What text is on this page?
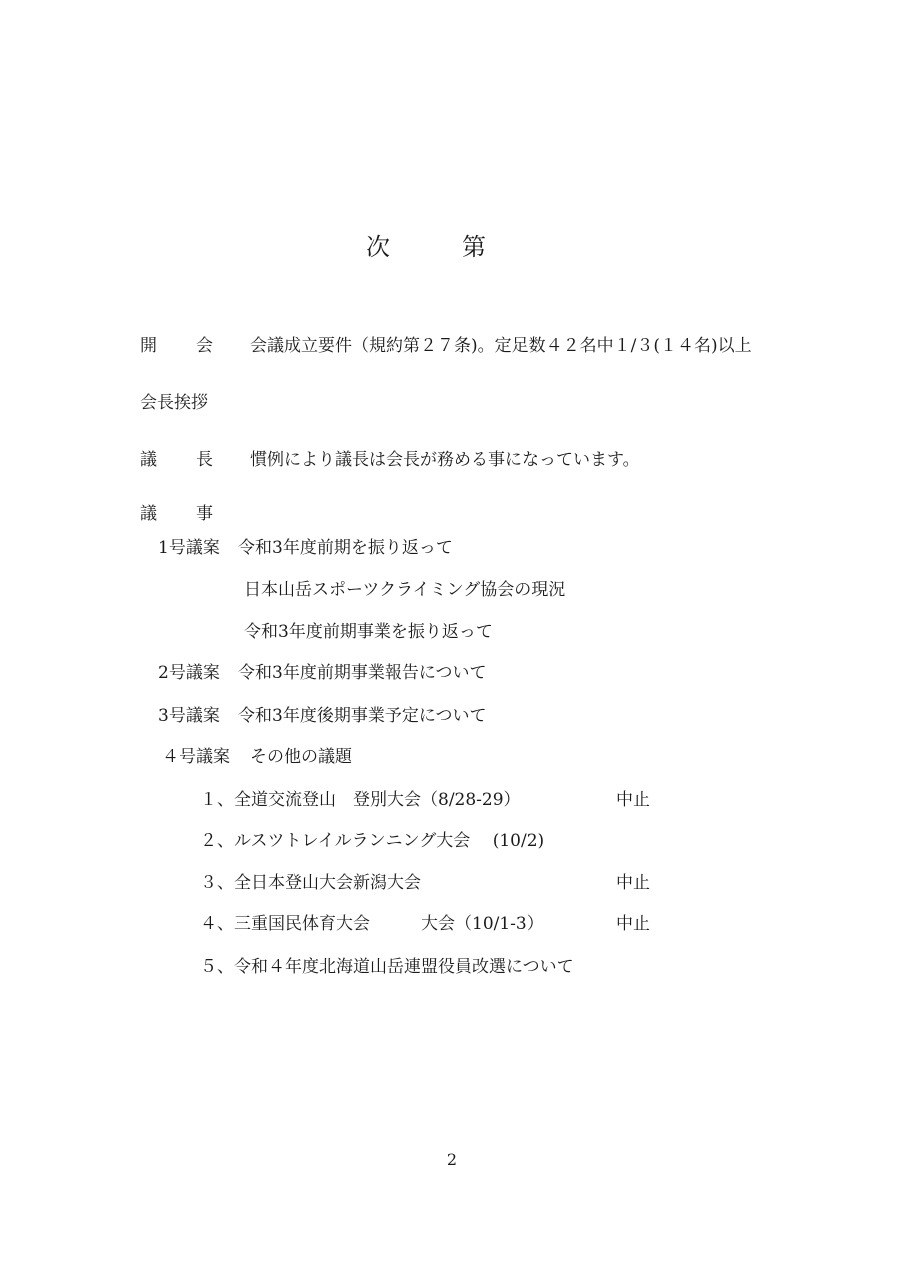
次	第
開 会 会議成立要件（規約第２７条)。定足数４２名中１/３(１４名)以上
会長挨拶
議 長 慣例により議長は会長が務める事になっています。
議 事
1号議案 令和3年度前期を振り返って
日本山岳スポーツクライミング協会の現況
令和3年度前期事業を振り返って
2号議案 令和3年度前期事業報告について
3号議案 令和3年度後期事業予定について
４号議案 その他の議題
１、全道交流登山　登別大会（8/28-29）	中止
２、ルスツトレイルランニング大会　 (10/2)
３、全日本登山大会新潟大会	中止
４、三重国民体育大会　　　大会（10/1-3）	中止
５、令和４年度北海道山岳連盟役員改選について
2
